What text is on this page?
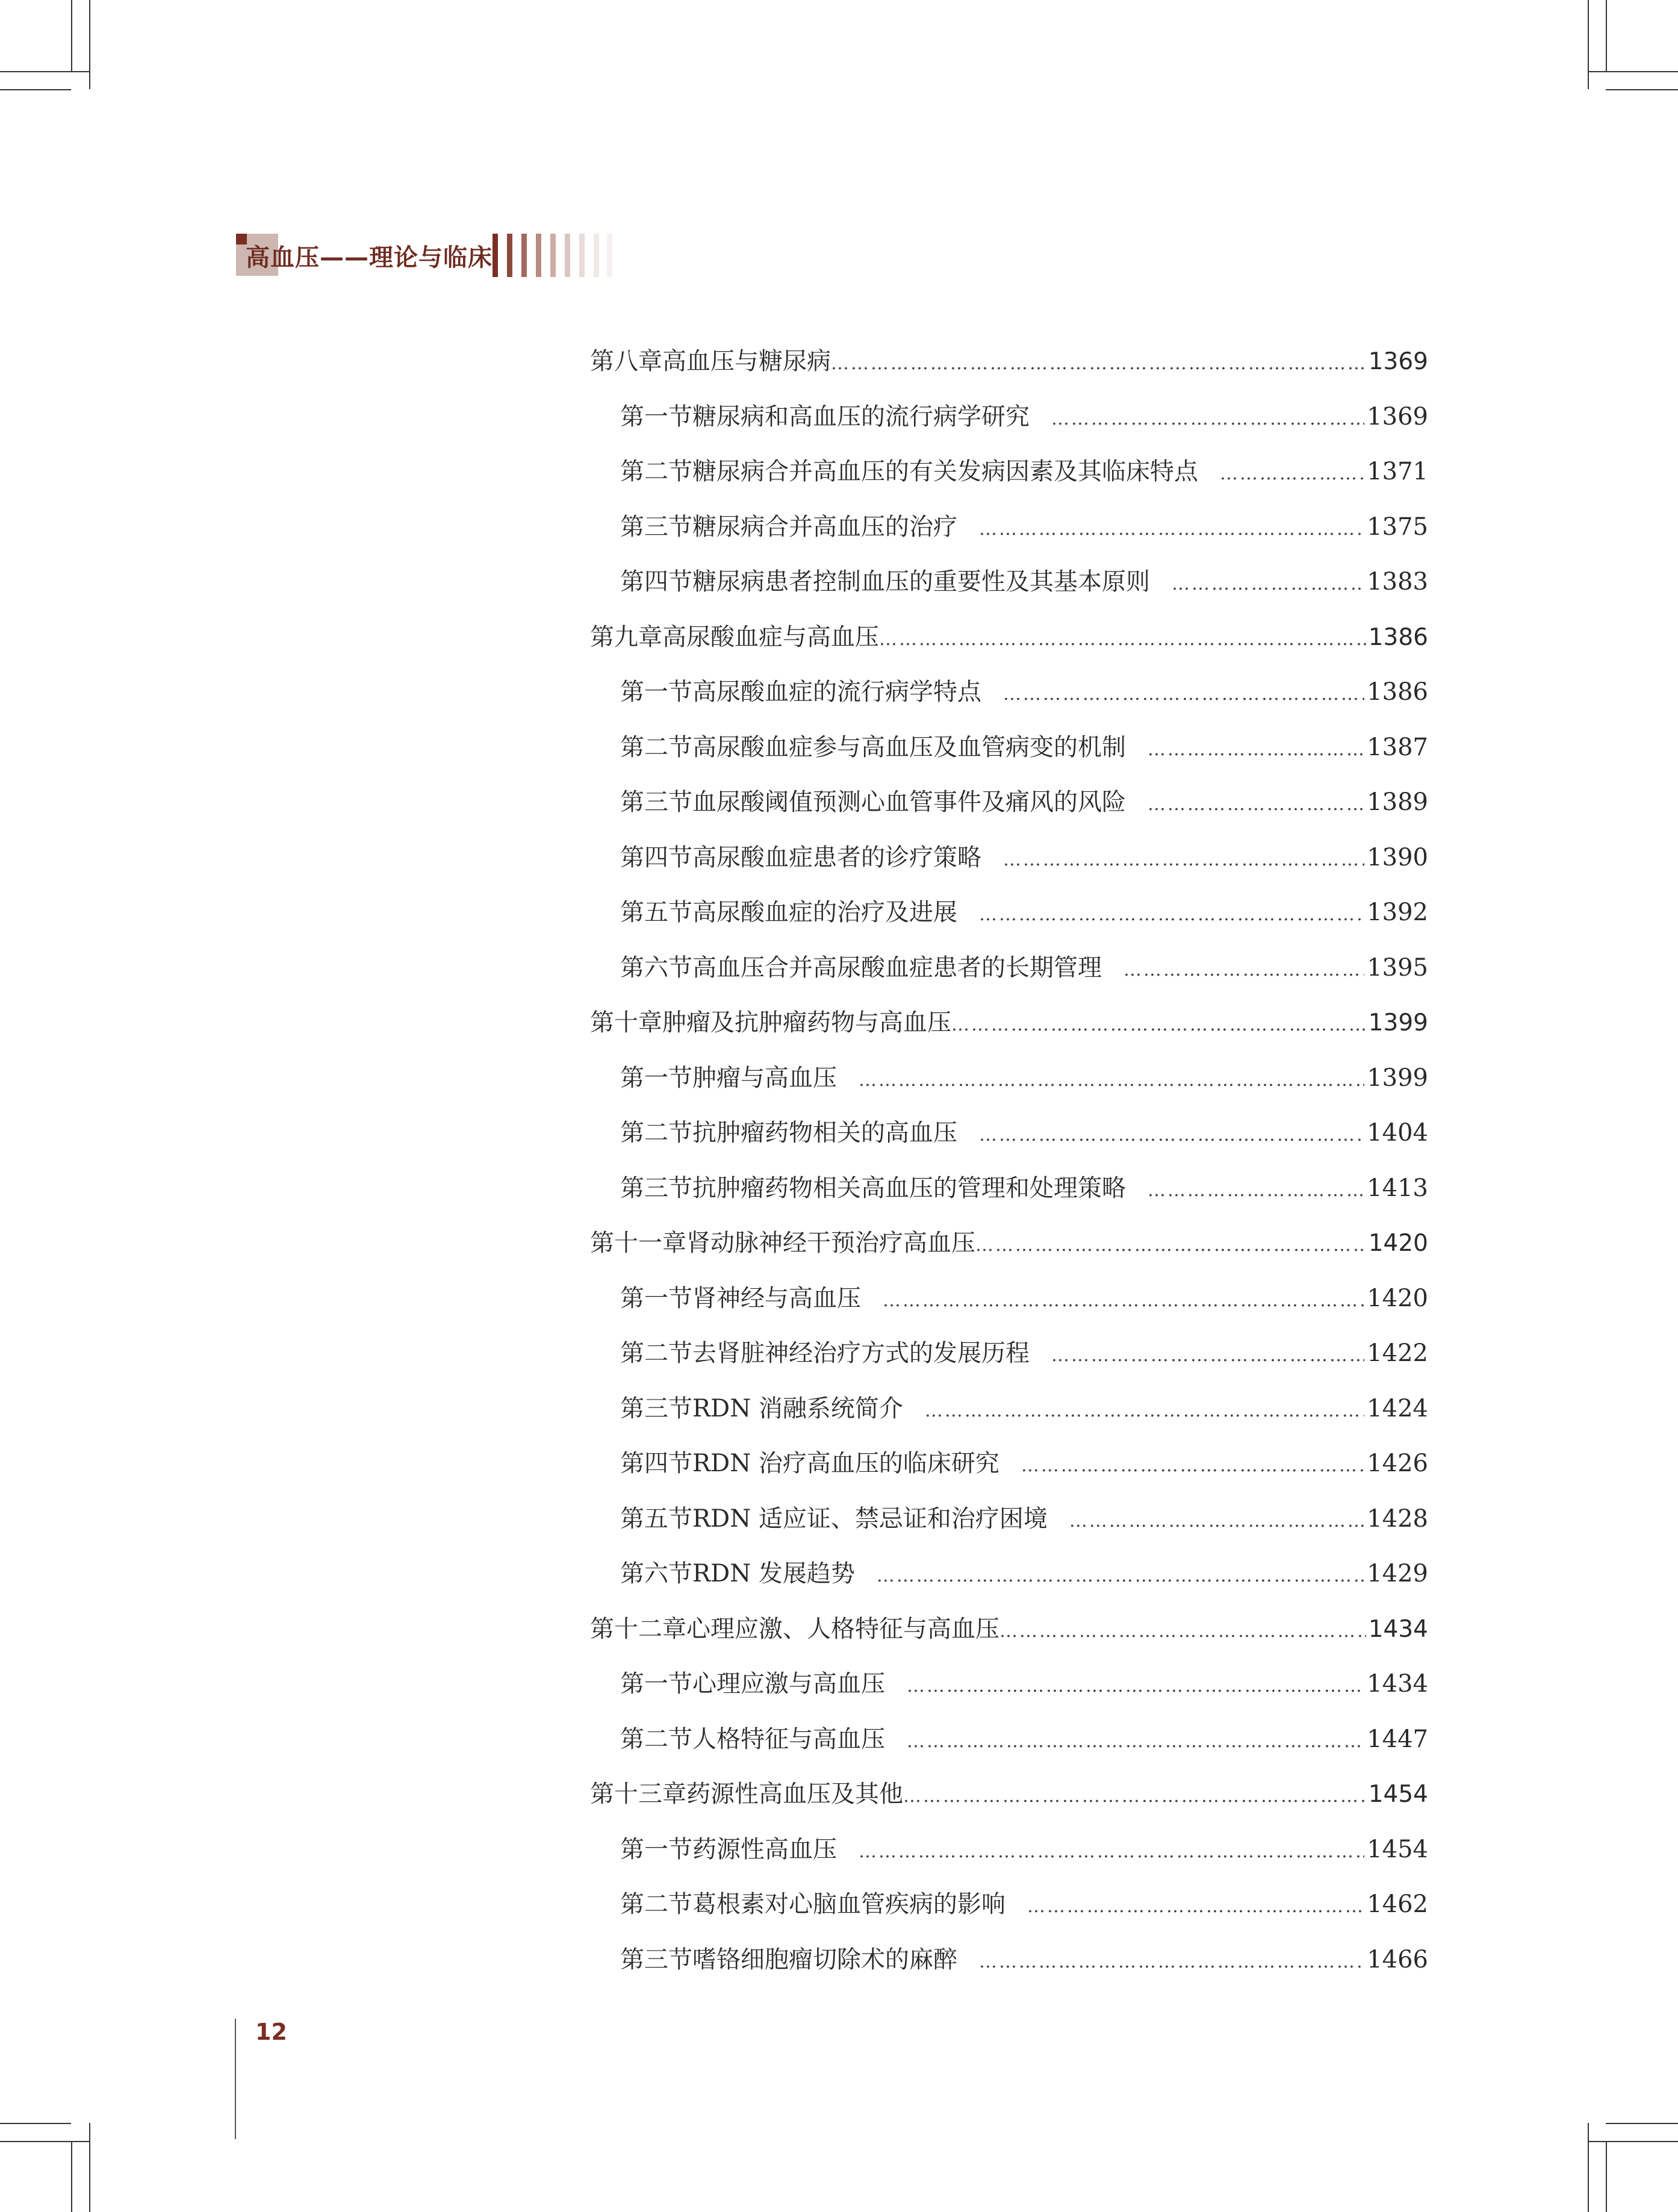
高血压——理论与临床
第八章 高血压与糖尿病 …………………………………………………………………………………………………………………………………………………………………………………………………………………………………	1369
第一节 糖尿病和高血压的流行病学研究 …………………………………………………………………………………………………………………………………………………………………………………………………………………………………	1369
第二节 糖尿病合并高血压的有关发病因素及其临床特点 …………………………………………………………………………………………………………………………………………………………………………………………………………………………………	1371
第三节 糖尿病合并高血压的治疗 …………………………………………………………………………………………………………………………………………………………………………………………………………………………………	1375
第四节 糖尿病患者控制血压的重要性及其基本原则 …………………………………………………………………………………………………………………………………………………………………………………………………………………………………	1383
第九章 高尿酸血症与高血压 …………………………………………………………………………………………………………………………………………………………………………………………………………………………………	1386
第一节 高尿酸血症的流行病学特点 …………………………………………………………………………………………………………………………………………………………………………………………………………………………………	1386
第二节 高尿酸血症参与高血压及血管病变的机制 …………………………………………………………………………………………………………………………………………………………………………………………………………………………………	1387
第三节 血尿酸阈值预测心血管事件及痛风的风险 …………………………………………………………………………………………………………………………………………………………………………………………………………………………………	1389
第四节 高尿酸血症患者的诊疗策略 …………………………………………………………………………………………………………………………………………………………………………………………………………………………………	1390
第五节 高尿酸血症的治疗及进展 …………………………………………………………………………………………………………………………………………………………………………………………………………………………………	1392
第六节 高血压合并高尿酸血症患者的长期管理 …………………………………………………………………………………………………………………………………………………………………………………………………………………………………	1395
第十章 肿瘤及抗肿瘤药物与高血压 …………………………………………………………………………………………………………………………………………………………………………………………………………………………………	1399
第一节 肿瘤与高血压 …………………………………………………………………………………………………………………………………………………………………………………………………………………………………	1399
第二节 抗肿瘤药物相关的高血压 …………………………………………………………………………………………………………………………………………………………………………………………………………………………………	1404
第三节 抗肿瘤药物相关高血压的管理和处理策略 …………………………………………………………………………………………………………………………………………………………………………………………………………………………………	1413
第十一章 肾动脉神经干预治疗高血压 …………………………………………………………………………………………………………………………………………………………………………………………………………………………………	1420
第一节 肾神经与高血压 …………………………………………………………………………………………………………………………………………………………………………………………………………………………………	1420
第二节 去肾脏神经治疗方式的发展历程 …………………………………………………………………………………………………………………………………………………………………………………………………………………………………	1422
第三节 RDN 消融系统简介 …………………………………………………………………………………………………………………………………………………………………………………………………………………………………	1424
第四节 RDN 治疗高血压的临床研究 …………………………………………………………………………………………………………………………………………………………………………………………………………………………………	1426
第五节 RDN 适应证、禁忌证和治疗困境 …………………………………………………………………………………………………………………………………………………………………………………………………………………………………	1428
第六节 RDN 发展趋势 …………………………………………………………………………………………………………………………………………………………………………………………………………………………………	1429
第十二章 心理应激、人格特征与高血压 …………………………………………………………………………………………………………………………………………………………………………………………………………………………………	1434
第一节 心理应激与高血压 …………………………………………………………………………………………………………………………………………………………………………………………………………………………………	1434
第二节 人格特征与高血压 …………………………………………………………………………………………………………………………………………………………………………………………………………………………………	1447
第十三章 药源性高血压及其他 …………………………………………………………………………………………………………………………………………………………………………………………………………………………………	1454
第一节 药源性高血压 …………………………………………………………………………………………………………………………………………………………………………………………………………………………………	1454
第二节 葛根素对心脑血管疾病的影响 …………………………………………………………………………………………………………………………………………………………………………………………………………………………………	1462
第三节 嗜铬细胞瘤切除术的麻醉 …………………………………………………………………………………………………………………………………………………………………………………………………………………………………	1466
12
